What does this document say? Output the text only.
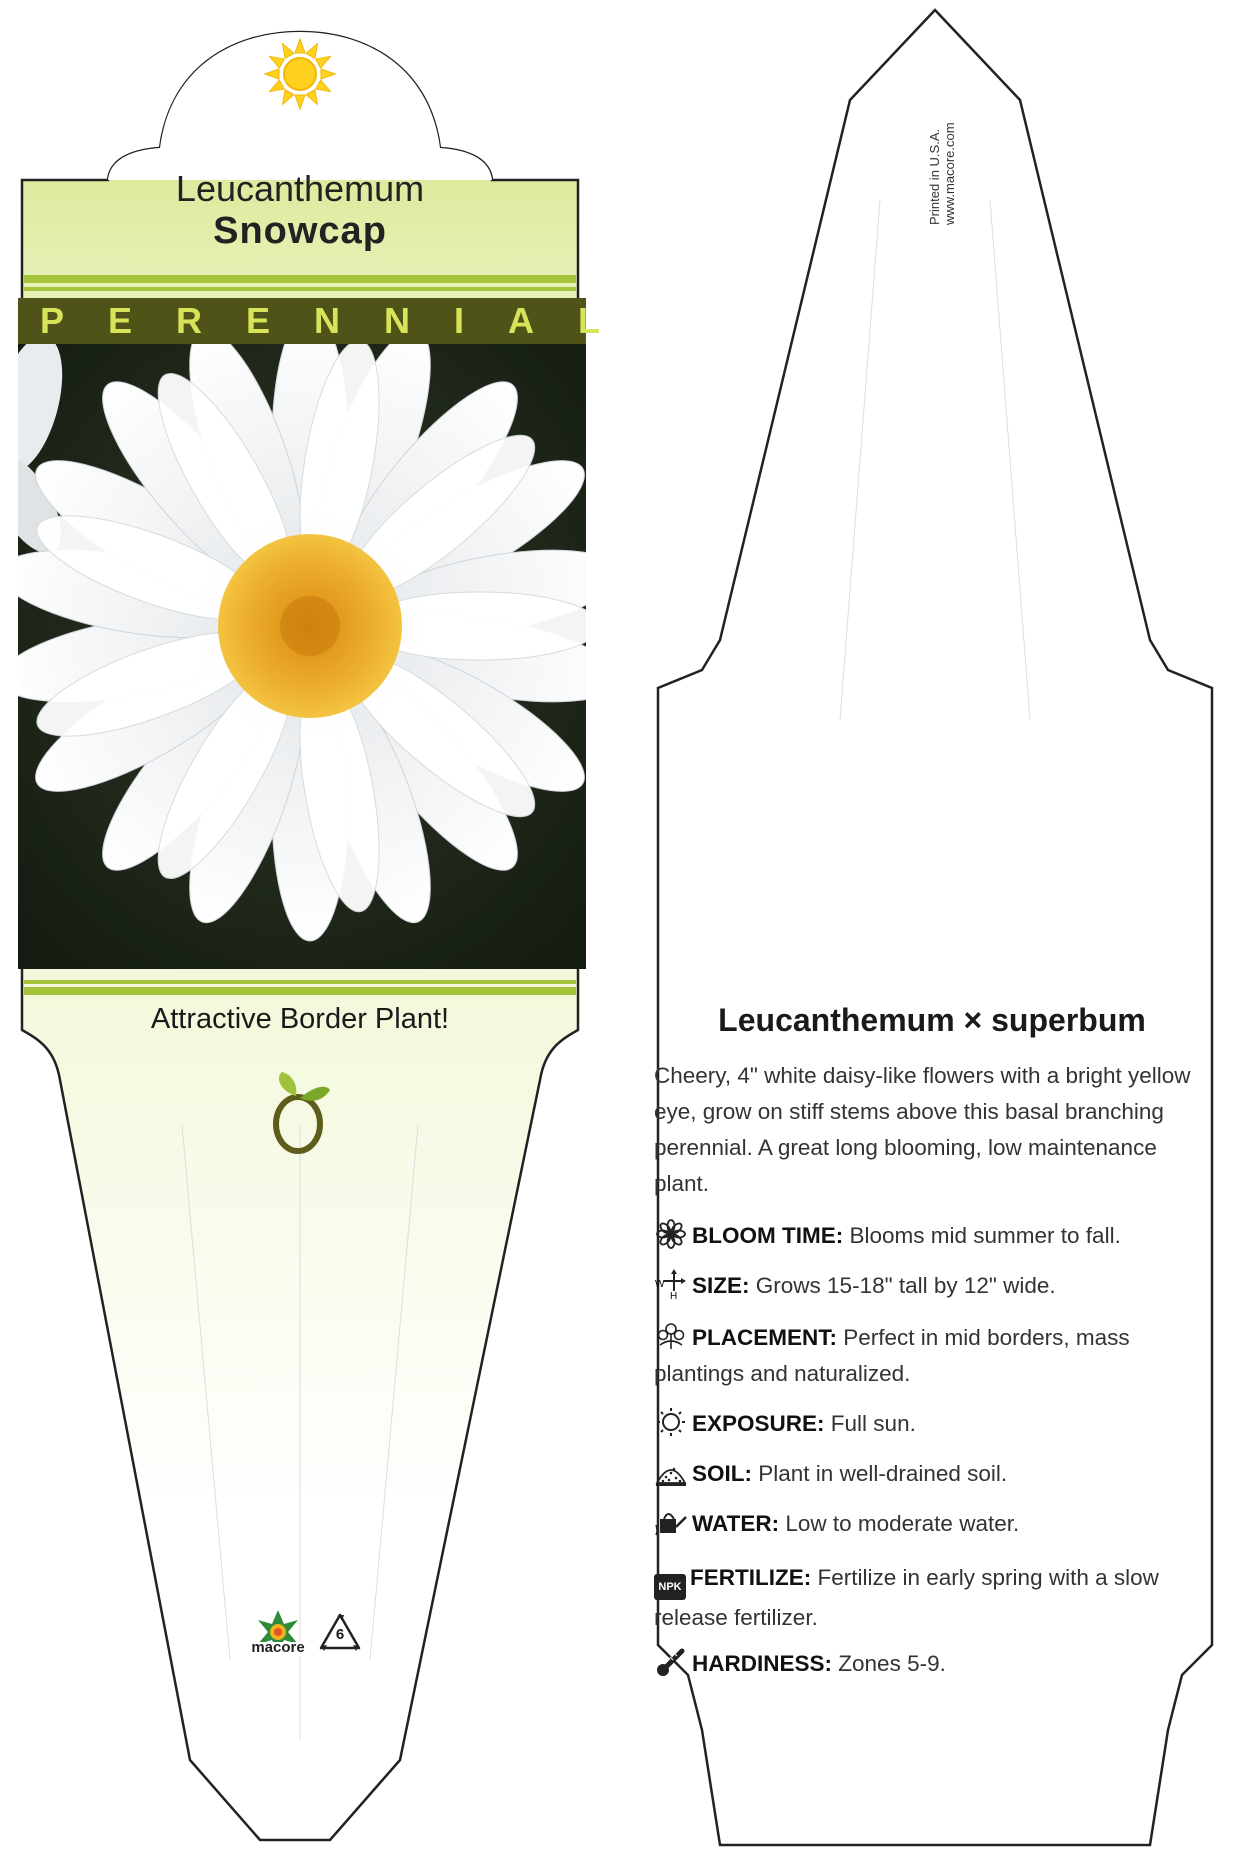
Leucanthemum
Snowcap
PERENNIAL
Attractive Border Plant!
macore
6
Printed in U.S.A. www.macore.com
Leucanthemum × superbum
Cheery, 4" white daisy-like flowers with a bright yellow eye, grow on stiff stems above this basal branching perennial. A great long blooming, low maintenance plant.
BLOOM TIME: Blooms mid summer to fall.
W
H SIZE: Grows 15-18" tall by 12" wide.
PLACEMENT: Perfect in mid borders, mass plantings and naturalized.
EXPOSURE: Full sun.
SOIL: Plant in well-drained soil.
WATER: Low to moderate water.
NPK FERTILIZE: Fertilize in early spring with a slow release fertilizer.
HARDINESS: Zones 5-9.
